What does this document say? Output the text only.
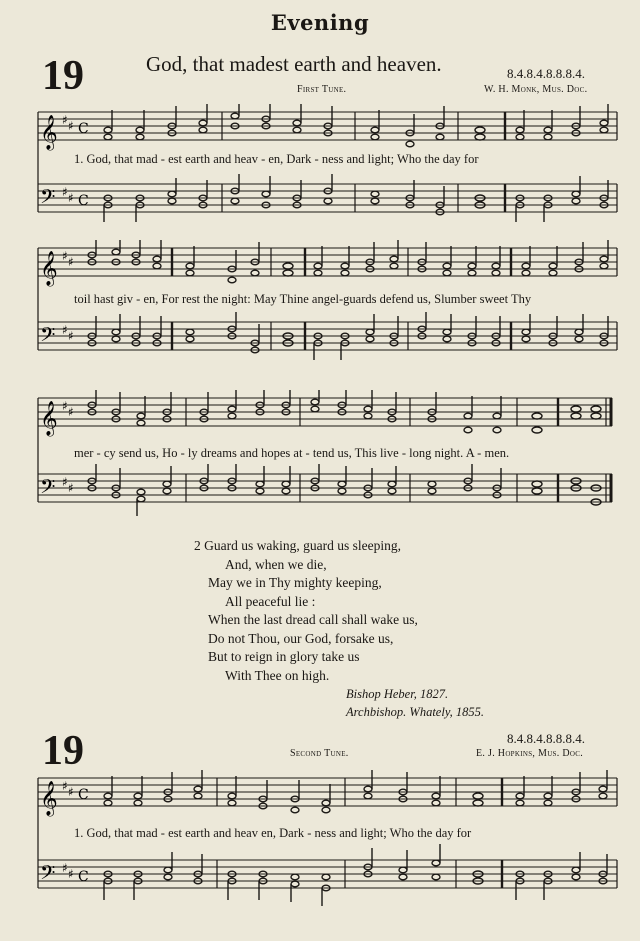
Evening
19	God, that madest earth and heaven.	8.4.8.4.8.8.8.4.
First Tune.	W. H. Monk, Mus. Doc.
𝄞
𝄢
♯ ♯
♯ ♯
C
C
1. God, that mad - est earth and heav - en, Dark - ness and light; Who the day for
𝄞
𝄢
♯ ♯
♯ ♯
toil hast giv - en, For rest the night: May Thine angel-guards defend us, Slumber sweet Thy
𝄞
𝄢
♯ ♯
♯ ♯
mer - cy send us, Ho - ly dreams and hopes at - tend us, This live - long night. A - men.
2 Guard us waking, guard us sleeping,
And, when we die,
May we in Thy mighty keeping,
All peaceful lie :
When the last dread call shall wake us,
Do not Thou, our God, forsake us,
But to reign in glory take us
With Thee on high.
Bishop Heber, 1827.
Archbishop. Whately, 1855.
19	8.4.8.4.8.8.8.4.
Second Tune.	E. J. Hopkins, Mus. Doc.
𝄞
𝄢
♯ ♯
♯ ♯
C
C
1. God, that mad - est earth and heav en, Dark - ness and light; Who the day for
